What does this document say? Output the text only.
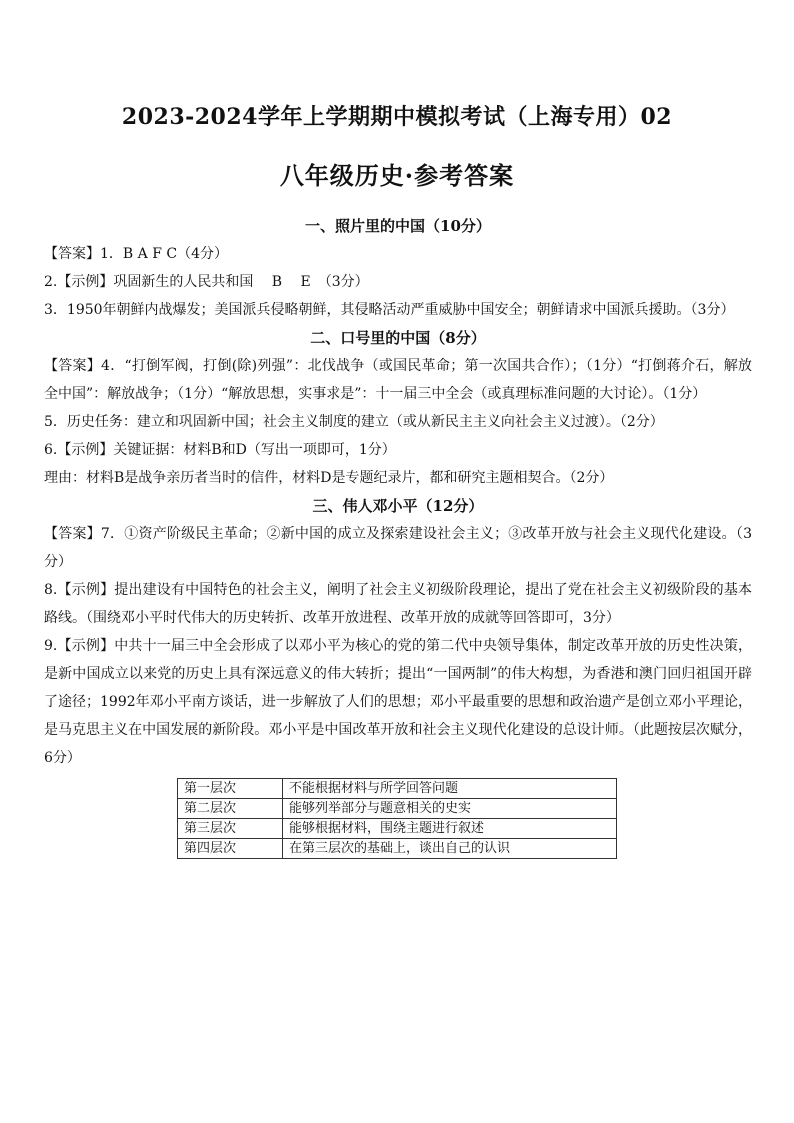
2023-2024学年上学期期中模拟考试（上海专用）02
八年级历史·参考答案

一、照片里的中国（10分）

【答案】1．B A F C（4分）

2.【示例】巩固新生的人民共和国　 B　 E　（3分）

3．1950年朝鲜内战爆发；美国派兵侵略朝鲜，其侵略活动严重威胁中国安全；朝鲜请求中国派兵援助。（3分）

二、口号里的中国（8分）

【答案】4．“打倒军阀，打倒(除)列强”：北伐战争（或国民革命；第一次国共合作）；（1分）“打倒蒋介石，解放全中国”：解放战争；（1分）“解放思想，实事求是”：十一届三中全会（或真理标准问题的大讨论）。（1分）

5．历史任务：建立和巩固新中国；社会主义制度的建立（或从新民主主义向社会主义过渡）。（2分）

6.【示例】关键证据：材料B和D（写出一项即可，1分）

理由：材料B是战争亲历者当时的信件，材料D是专题纪录片，都和研究主题相契合。（2分）

三、伟人邓小平（12分）

【答案】7．①资产阶级民主革命；②新中国的成立及探索建设社会主义；③改革开放与社会主义现代化建设。（3分）

8.【示例】提出建设有中国特色的社会主义，阐明了社会主义初级阶段理论，提出了党在社会主义初级阶段的基本路线。（围绕邓小平时代伟大的历史转折、改革开放进程、改革开放的成就等回答即可，3分）

9.【示例】中共十一届三中全会形成了以邓小平为核心的党的第二代中央领导集体，制定改革开放的历史性决策，是新中国成立以来党的历史上具有深远意义的伟大转折；提出“一国两制”的伟大构想，为香港和澳门回归祖国开辟了途径；1992年邓小平南方谈话，进一步解放了人们的思想；邓小平最重要的思想和政治遗产是创立邓小平理论，是马克思主义在中国发展的新阶段。邓小平是中国改革开放和社会主义现代化建设的总设计师。（此题按层次赋分，6分）

第一层次	不能根据材料与所学回答问题
第二层次	能够列举部分与题意相关的史实
第三层次	能够根据材料，围绕主题进行叙述
第四层次	在第三层次的基础上，谈出自己的认识
